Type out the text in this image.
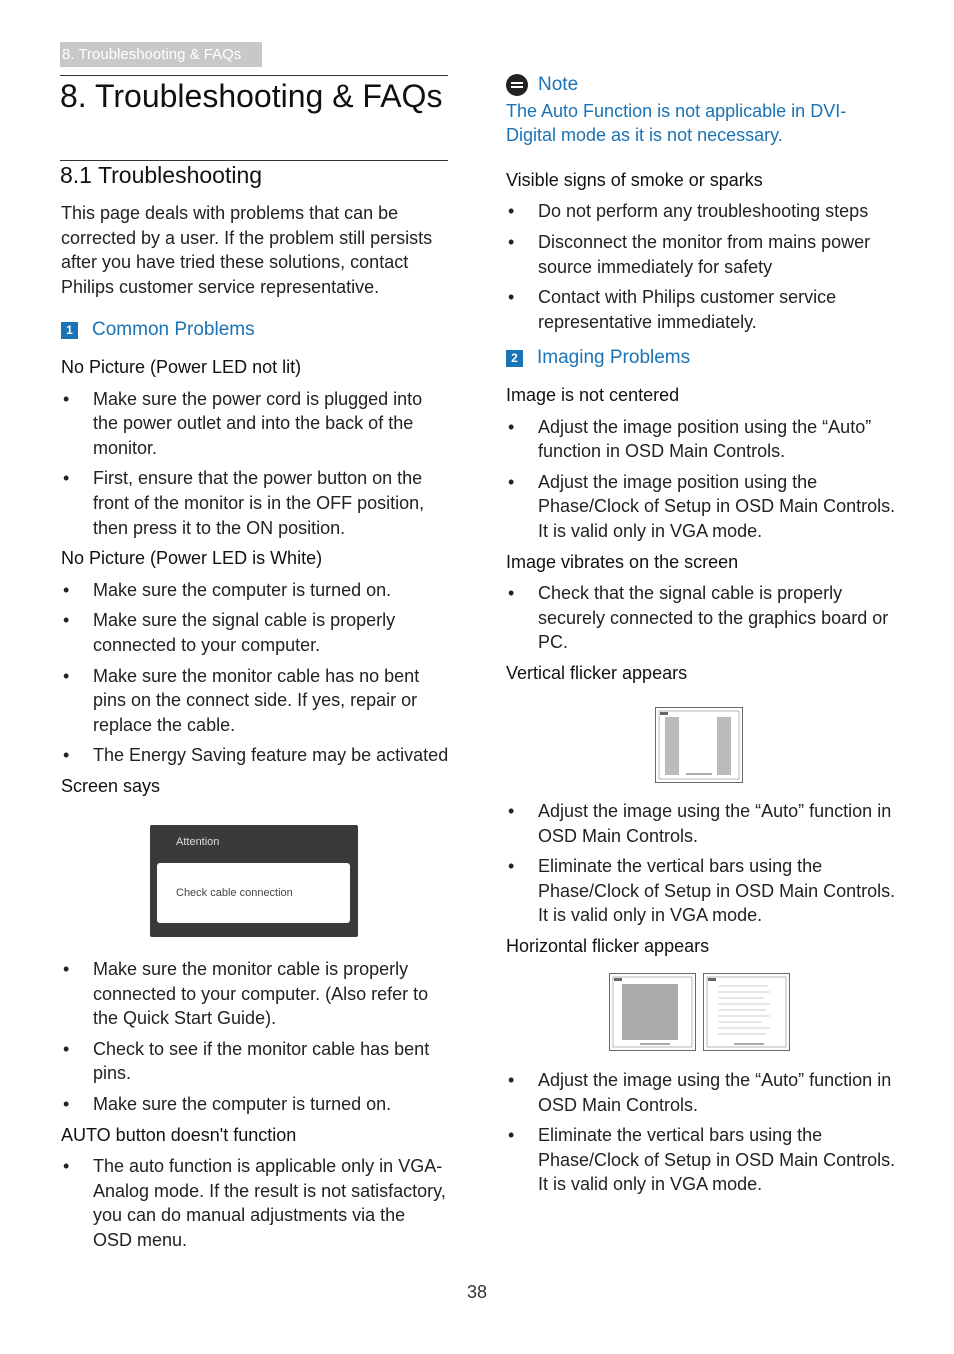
8. Troubleshooting & FAQs
8. Troubleshooting & FAQs
8.1 Troubleshooting

This page deals with problems that can be corrected by a user. If the problem still persists after you have tried these solutions, contact Philips customer service representative.

1 Common Problems

No Picture (Power LED not lit)

• Make sure the power cord is plugged into the power outlet and into the back of the monitor.
• First, ensure that the power button on the front of the monitor is in the OFF position, then press it to the ON position.

No Picture (Power LED is White)

• Make sure the computer is turned on.
• Make sure the signal cable is properly connected to your computer.
• Make sure the monitor cable has no bent pins on the connect side. If yes, repair or replace the cable.
• The Energy Saving feature may be activated

Screen says

Attention
Check cable connection
• Make sure the monitor cable is properly connected to your computer. (Also refer to the Quick Start Guide).
• Check to see if the monitor cable has bent pins.
• Make sure the computer is turned on.

AUTO button doesn't function

• The auto function is applicable only in VGA-Analog mode. If the result is not satisfactory, you can do manual adjustments via the OSD menu.
Note

The Auto Function is not applicable in DVI-Digital mode as it is not necessary.

Visible signs of smoke or sparks

• Do not perform any troubleshooting steps
• Disconnect the monitor from mains power source immediately for safety
• Contact with Philips customer service representative immediately.
2 Imaging Problems

Image is not centered

• Adjust the image position using the “Auto” function in OSD Main Controls.
• Adjust the image position using the Phase/Clock of Setup in OSD Main Controls. It is valid only in VGA mode.

Image vibrates on the screen

• Check that the signal cable is properly securely connected to the graphics board or PC.

Vertical flicker appears

• Adjust the image using the “Auto” function in OSD Main Controls.
• Eliminate the vertical bars using the Phase/Clock of Setup in OSD Main Controls. It is valid only in VGA mode.

Horizontal flicker appears

• Adjust the image using the “Auto” function in OSD Main Controls.
• Eliminate the vertical bars using the Phase/Clock of Setup in OSD Main Controls. It is valid only in VGA mode.
38
